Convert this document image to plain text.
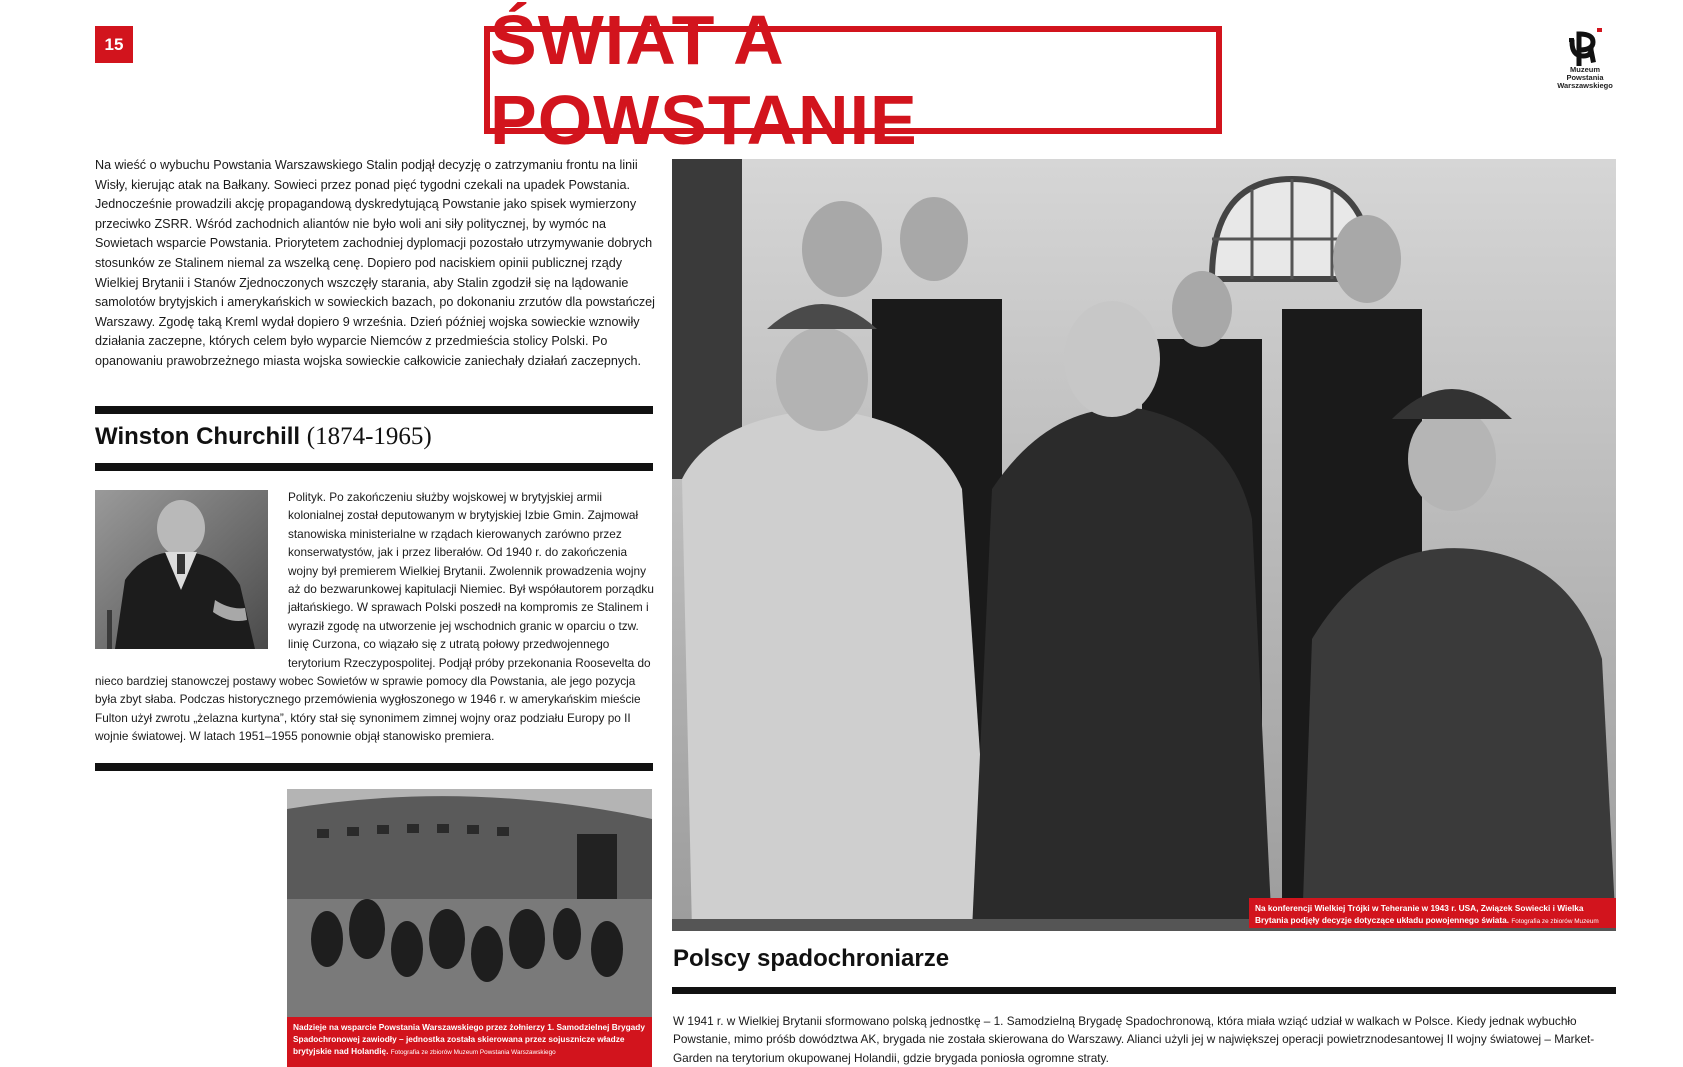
15	ŚWIAT A POWSTANIE
Muzeum
Powstania
Warszawskiego

Na wieść o wybuchu Powstania Warszawskiego Stalin podjął decyzję o zatrzymaniu frontu na linii Wisły, kierując atak na Bałkany. Sowieci przez ponad pięć tygodni czekali na upadek Powstania. Jednocześnie prowadzili akcję propagandową dyskredytującą Powstanie jako spisek wymierzony przeciwko ZSRR. Wśród zachodnich aliantów nie było woli ani siły politycznej, by wymóc na Sowietach wsparcie Powstania. Priorytetem zachodniej dyplomacji pozostało utrzymywanie dobrych stosunków ze Stalinem niemal za wszelką cenę. Dopiero pod naciskiem opinii publicznej rządy Wielkiej Brytanii i Stanów Zjednoczonych wszczęły starania, aby Stalin zgodził się na lądowanie samolotów brytyjskich i amerykańskich w sowieckich bazach, po dokonaniu zrzutów dla powstańczej Warszawy. Zgodę taką Kreml wydał dopiero 9 września. Dzień później wojska sowieckie wznowiły działania zaczepne, których celem było wyparcie Niemców z przedmieścia stolicy Polski. Po opanowaniu prawobrzeżnego miasta wojska sowieckie całkowicie zaniechały działań zaczepnych.

Winston Churchill (1874-1965)
Polityk. Po zakończeniu służby wojskowej w brytyjskiej armii kolonialnej został deputowanym w brytyjskiej Izbie Gmin. Zajmował stanowiska ministerialne w rządach kierowanych zarówno przez konserwatystów, jak i przez liberałów. Od 1940 r. do zakończenia wojny był premierem Wielkiej Brytanii. Zwolennik prowadzenia wojny aż do bezwarunkowej kapitulacji Niemiec. Był współautorem porządku jałtańskiego. W sprawach Polski poszedł na kompromis ze Stalinem i wyraził zgodę na utworzenie jej wschodnich granic w oparciu o tzw. linię Curzona, co wiązało się z utratą połowy przedwojennego terytorium Rzeczypospolitej. Podjął próby przekonania Roosevelta do nieco bardziej stanowczej postawy wobec Sowietów w sprawie pomocy dla Powstania, ale jego pozycja była zbyt słaba. Podczas historycznego przemówienia wygłoszonego w 1946 r. w amerykańskim mieście Fulton użył zwrotu „żelazna kurtyna”, który stał się synonimem zimnej wojny oraz podziału Europy po II wojnie światowej. W latach 1951–1955 ponownie objął stanowisko premiera.
Nadzieje na wsparcie Powstania Warszawskiego przez żołnierzy 1. Samodzielnej Brygady Spadochronowej zawiodły – jednostka została skierowana przez sojusznicze władze brytyjskie nad Holandię. Fotografia ze zbiorów Muzeum Powstania Warszawskiego
Na konferencji Wielkiej Trójki w Teheranie w 1943 r. USA, Związek Sowiecki i Wielka Brytania podjęły decyzje dotyczące układu powojennego świata. Fotografia ze zbiorów Muzeum Powstania Warszawskiego
Polscy spadochroniarze

W 1941 r. w Wielkiej Brytanii sformowano polską jednostkę – 1. Samodzielną Brygadę Spadochronową, która miała wziąć udział w walkach w Polsce. Kiedy jednak wybuchło Powstanie, mimo próśb dowództwa AK, brygada nie została skierowana do Warszawy. Alianci użyli jej w największej operacji powietrznodesantowej II wojny światowej – Market-Garden na terytorium okupowanej Holandii, gdzie brygada poniosła ogromne straty.
